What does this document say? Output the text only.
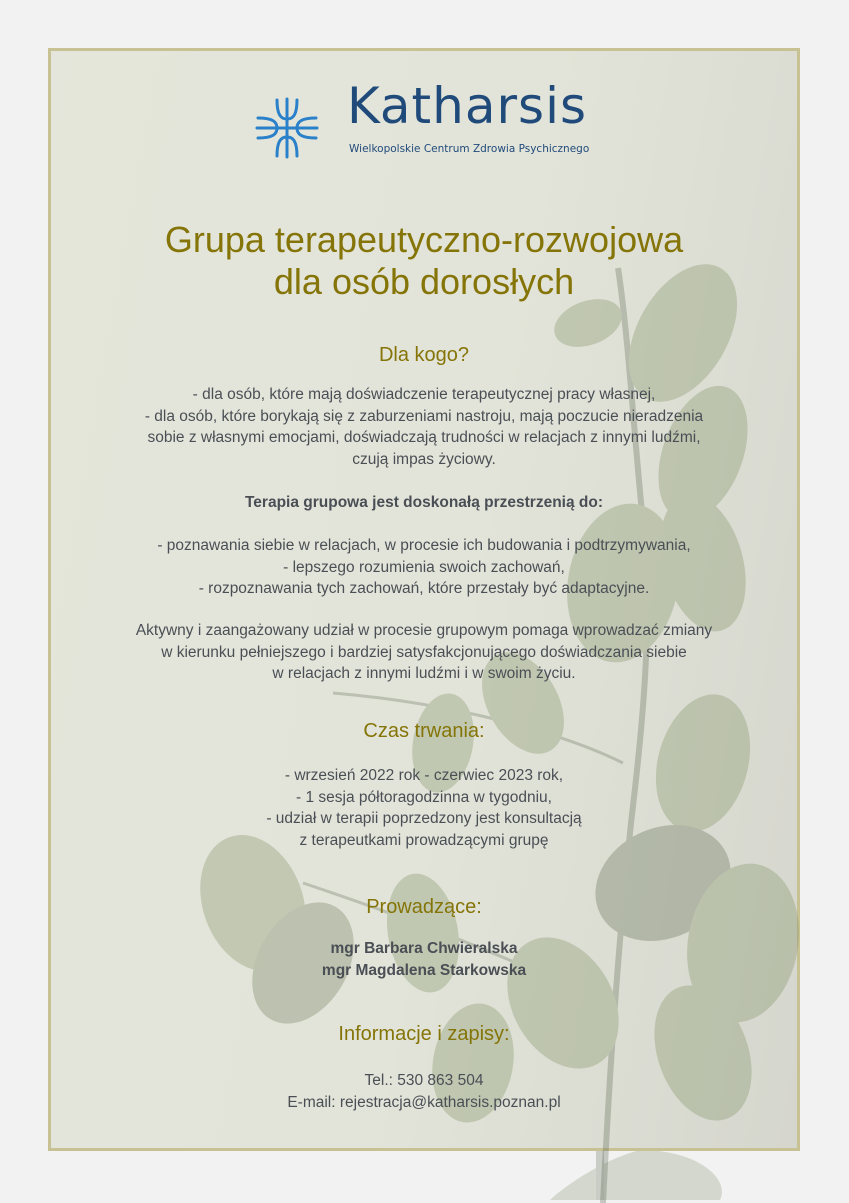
Katharsis
Wielkopolskie Centrum Zdrowia Psychicznego
Grupa terapeutyczno-rozwojowa
dla osób dorosłych
Dla kogo?

- dla osób, które mają doświadczenie terapeutycznej pracy własnej,
- dla osób, które borykają się z zaburzeniami nastroju, mają poczucie nieradzenia
sobie z własnymi emocjami, doświadczają trudności w relacjach z innymi ludźmi,
czują impas życiowy.

Terapia grupowa jest doskonałą przestrzenią do:

- poznawania siebie w relacjach, w procesie ich budowania i podtrzymywania,
- lepszego rozumienia swoich zachowań,
- rozpoznawania tych zachowań, które przestały być adaptacyjne.

Aktywny i zaangażowany udział w procesie grupowym pomaga wprowadzać zmiany
w kierunku pełniejszego i bardziej satysfakcjonującego doświadczania siebie
w relacjach z innymi ludźmi i w swoim życiu.

Czas trwania:

- wrzesień 2022 rok - czerwiec 2023 rok,
- 1 sesja półtoragodzinna w tygodniu,
- udział w terapii poprzedzony jest konsultacją
z terapeutkami prowadzącymi grupę

Prowadzące:

mgr Barbara Chwieralska
mgr Magdalena Starkowska

Informacje i zapisy:

Tel.: 530 863 504
E-mail: rejestracja@katharsis.poznan.pl
